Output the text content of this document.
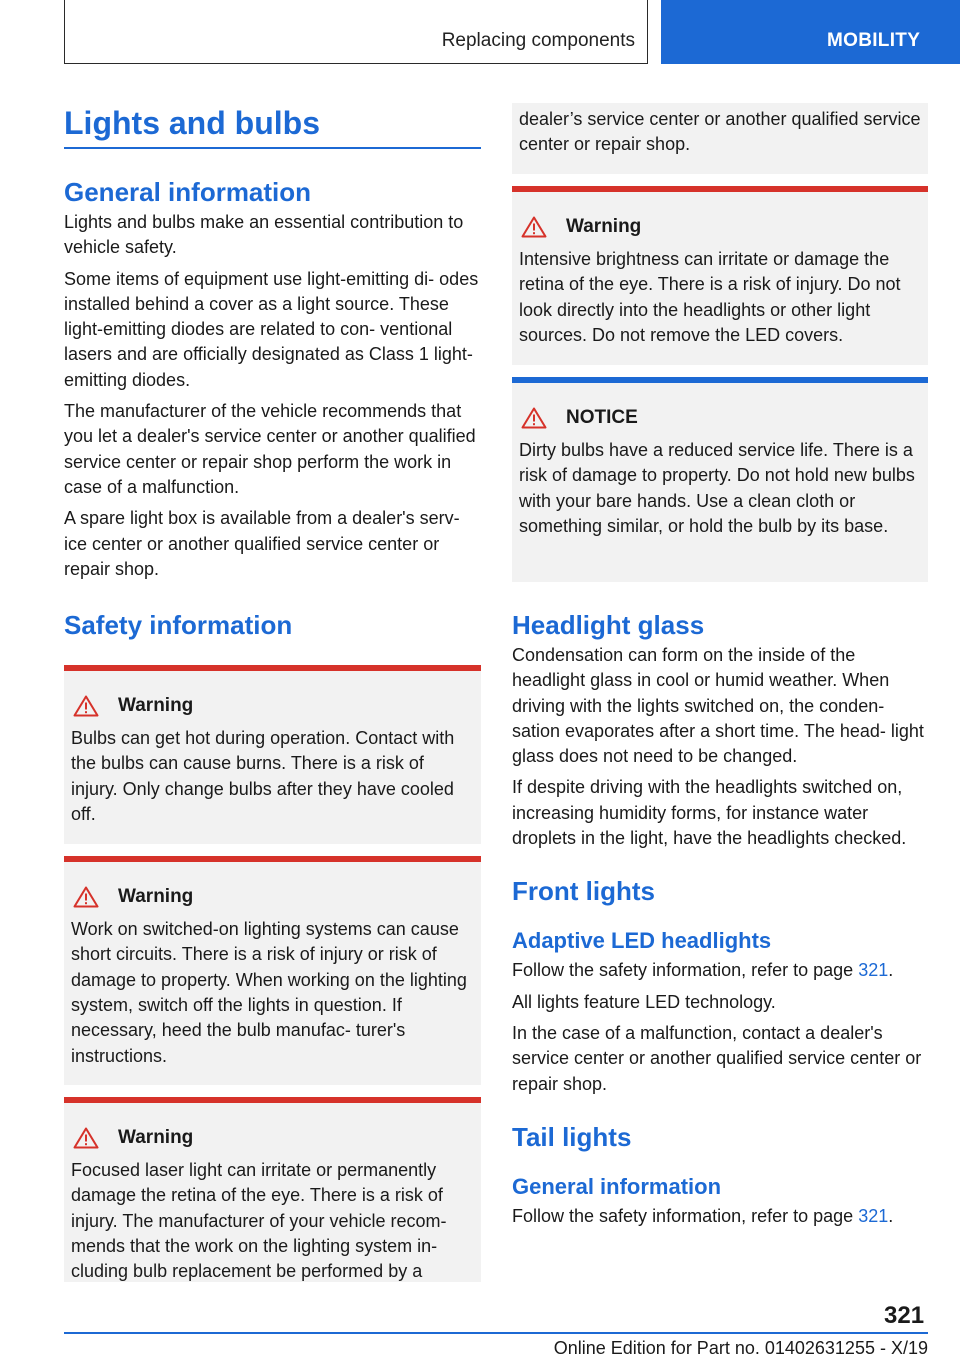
Replacing components	MOBILITY
Lights and bulbs
General information

Lights and bulbs make an essential contribution to vehicle safety.

Some items of equipment use light-emitting di‐ odes installed behind a cover as a light source. These light-emitting diodes are related to con‐ ventional lasers and are officially designated as Class 1 light-emitting diodes.

The manufacturer of the vehicle recommends that you let a dealer's service center or another qualified service center or repair shop perform the work in case of a malfunction.

A spare light box is available from a dealer's serv‐ ice center or another qualified service center or repair shop.

Safety information
Warning

Bulbs can get hot during operation. Contact with the bulbs can cause burns. There is a risk of injury. Only change bulbs after they have cooled off.

Warning

Work on switched-on lighting systems can cause short circuits. There is a risk of injury or risk of damage to property. When working on the lighting system, switch off the lights in question. If necessary, heed the bulb manufac‐ turer's instructions.

Warning

Focused laser light can irritate or permanently damage the retina of the eye. There is a risk of injury. The manufacturer of your vehicle recom‐ mends that the work on the lighting system in‐ cluding bulb replacement be performed by a

dealer’s service center or another qualified service center or repair shop.

Warning

Intensive brightness can irritate or damage the retina of the eye. There is a risk of injury. Do not look directly into the headlights or other light sources. Do not remove the LED covers.

NOTICE

Dirty bulbs have a reduced service life. There is a risk of damage to property. Do not hold new bulbs with your bare hands. Use a clean cloth or something similar, or hold the bulb by its base.

Headlight glass

Condensation can form on the inside of the headlight glass in cool or humid weather. When driving with the lights switched on, the conden‐ sation evaporates after a short time. The head‐ light glass does not need to be changed.

If despite driving with the headlights switched on, increasing humidity forms, for instance water droplets in the light, have the headlights checked.

Front lights
Adaptive LED headlights

Follow the safety information, refer to page 321.

All lights feature LED technology.

In the case of a malfunction, contact a dealer's service center or another qualified service center or repair shop.

Tail lights
General information

Follow the safety information, refer to page 321.

321
Online Edition for Part no. 01402631255 - X/19
